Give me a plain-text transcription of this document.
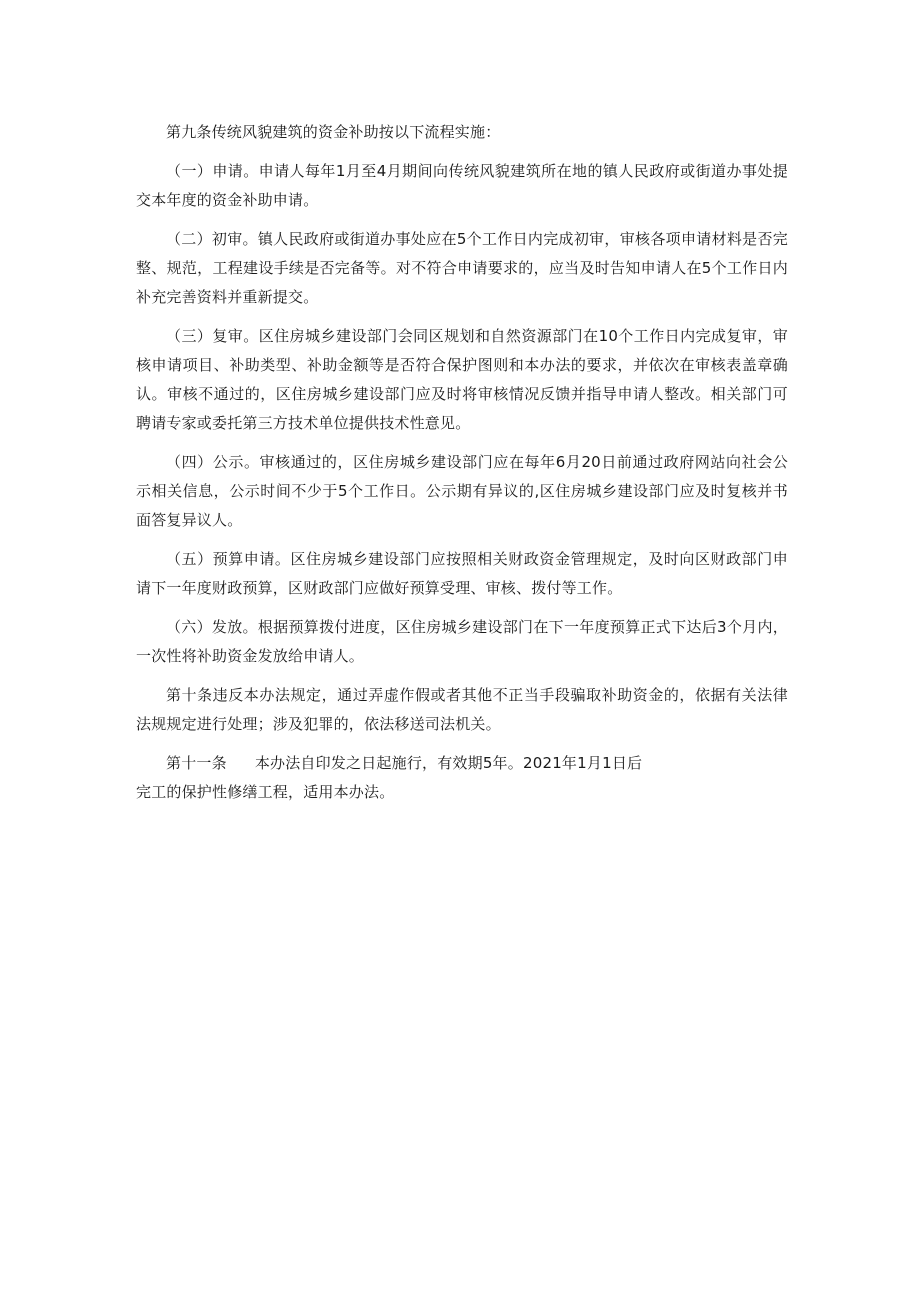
第九条传统风貌建筑的资金补助按以下流程实施：

（一）申请。申请人每年1月至4月期间向传统风貌建筑所在地的镇人民政府或街道办事处提交本年度的资金补助申请。

（二）初审。镇人民政府或街道办事处应在5个工作日内完成初审，审核各项申请材料是否完整、规范，工程建设手续是否完备等。对不符合申请要求的，应当及时告知申请人在5个工作日内补充完善资料并重新提交。

（三）复审。区住房城乡建设部门会同区规划和自然资源部门在10个工作日内完成复审，审核申请项目、补助类型、补助金额等是否符合保护图则和本办法的要求，并依次在审核表盖章确认。审核不通过的，区住房城乡建设部门应及时将审核情况反馈并指导申请人整改。相关部门可聘请专家或委托第三方技术单位提供技术性意见。

（四）公示。审核通过的，区住房城乡建设部门应在每年6月20日前通过政府网站向社会公示相关信息，公示时间不少于5个工作日。公示期有异议的,区住房城乡建设部门应及时复核并书面答复异议人。

（五）预算申请。区住房城乡建设部门应按照相关财政资金管理规定，及时向区财政部门申请下一年度财政预算，区财政部门应做好预算受理、审核、拨付等工作。

（六）发放。根据预算拨付进度，区住房城乡建设部门在下一年度预算正式下达后3个月内，一次性将补助资金发放给申请人。

第十条违反本办法规定，通过弄虚作假或者其他不正当手段骗取补助资金的，依据有关法律法规规定进行处理；涉及犯罪的，依法移送司法机关。

第十一条 本办法自印发之日起施行，有效期5年。2021年1月1日后
完工的保护性修缮工程，适用本办法。
